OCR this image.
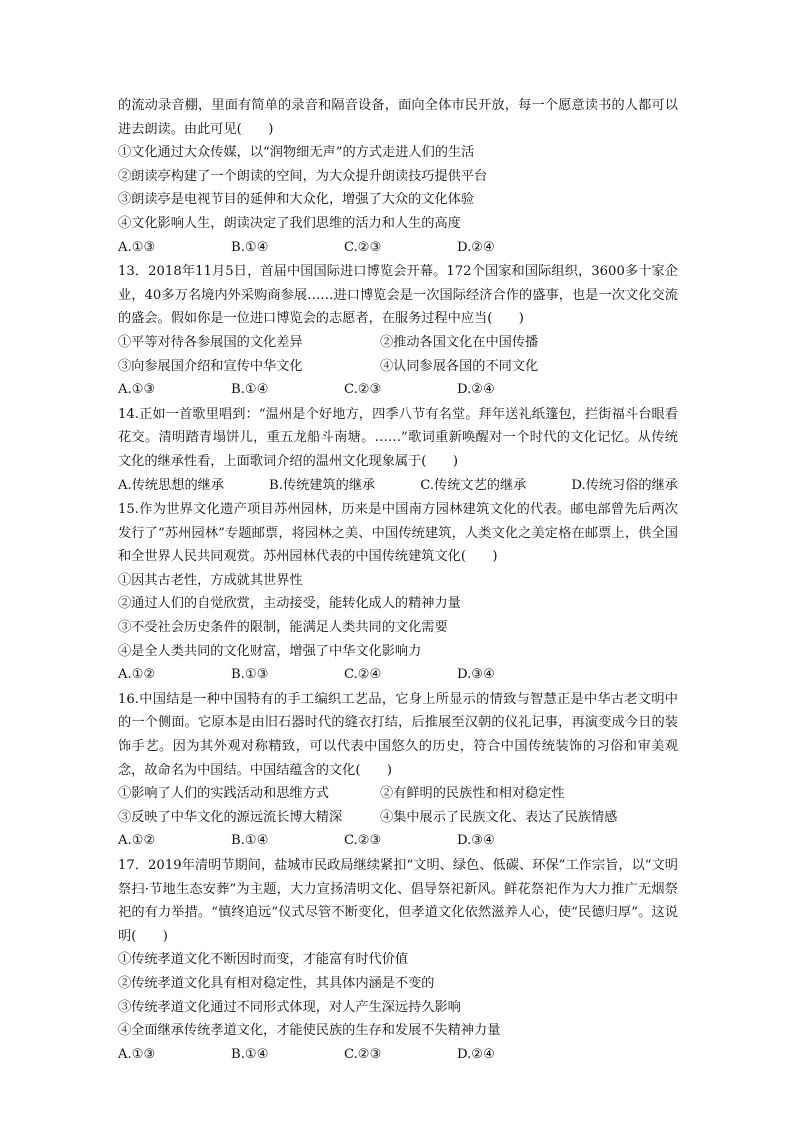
的流动录音棚，里面有简单的录音和隔音设备，面向全体市民开放，每一个愿意读书的人都可以进去朗读。由此可见(　　)

①文化通过大众传媒，以“润物细无声”的方式走进人们的生活

②朗读亭构建了一个朗读的空间，为大众提升朗读技巧提供平台

③朗读亭是电视节目的延伸和大众化，增强了大众的文化体验

④文化影响人生，朗读决定了我们思维的活力和人生的高度

A.①③	B.①④	C.②③	D.②④

13．2018年11月5日，首届中国国际进口博览会开幕。172个国家和国际组织，3600多十家企业，40多万名境内外采购商参展……进口博览会是一次国际经济合作的盛事，也是一次文化交流的盛会。假如你是一位进口博览会的志愿者，在服务过程中应当(　　)

①平等对待各参展国的文化差异	②推动各国文化在中国传播
③向参展国介绍和宣传中华文化	④认同参展各国的不同文化
A.①③	B.①④	C.②③	D.②④

14.正如一首歌里唱到：“温州是个好地方，四季八节有名堂。拜年送礼纸篷包，拦街福斗台眼看花交。清明踏青塌饼儿，重五龙船斗南塘。……”歌词重新唤醒对一个时代的文化记忆。从传统文化的继承性看，上面歌词介绍的温州文化现象属于(　　)

A.传统思想的继承	B.传统建筑的继承	C.传统文艺的继承	D.传统习俗的继承

15.作为世界文化遗产项目苏州园林，历来是中国南方园林建筑文化的代表。邮电部曾先后两次发行了“苏州园林”专题邮票，将园林之美、中国传统建筑，人类文化之美定格在邮票上，供全国和全世界人民共同观赏。苏州园林代表的中国传统建筑文化(　　)

①因其古老性，方成就其世界性

②通过人们的自觉欣赏，主动接受，能转化成人的精神力量

③不受社会历史条件的限制，能满足人类共同的文化需要

④是全人类共同的文化财富，增强了中华文化影响力

A.①②	B.①③	C.②④	D.③④

16.中国结是一种中国特有的手工编织工艺品，它身上所显示的情致与智慧正是中华古老文明中的一个侧面。它原本是由旧石器时代的缝衣打结，后推展至汉朝的仪礼记事，再演变成今日的装饰手艺。因为其外观对称精致，可以代表中国悠久的历史，符合中国传统装饰的习俗和审美观念，故命名为中国结。中国结蕴含的文化(　　)

①影响了人们的实践活动和思维方式	②有鲜明的民族性和相对稳定性
③反映了中华文化的源远流长博大精深	④集中展示了民族文化、表达了民族情感
A.①②	B.①④	C.②③	D.③④

17．2019年清明节期间，盐城市民政局继续紧扣“文明、绿色、低碳、环保”工作宗旨，以“文明祭扫·节地生态安葬”为主题，大力宣扬清明文化、倡导祭祀新风。鲜花祭祀作为大力推广无烟祭祀的有力举措。“慎终追远”仪式尽管不断变化，但孝道文化依然滋养人心，使“民德归厚”。这说明(　　)

①传统孝道文化不断因时而变，才能富有时代价值

②传统孝道文化具有相对稳定性，其具体内涵是不变的

③传统孝道文化通过不同形式体现，对人产生深远持久影响

④全面继承传统孝道文化，才能使民族的生存和发展不失精神力量

A.①③	B.①④	C.②③	D.②④
